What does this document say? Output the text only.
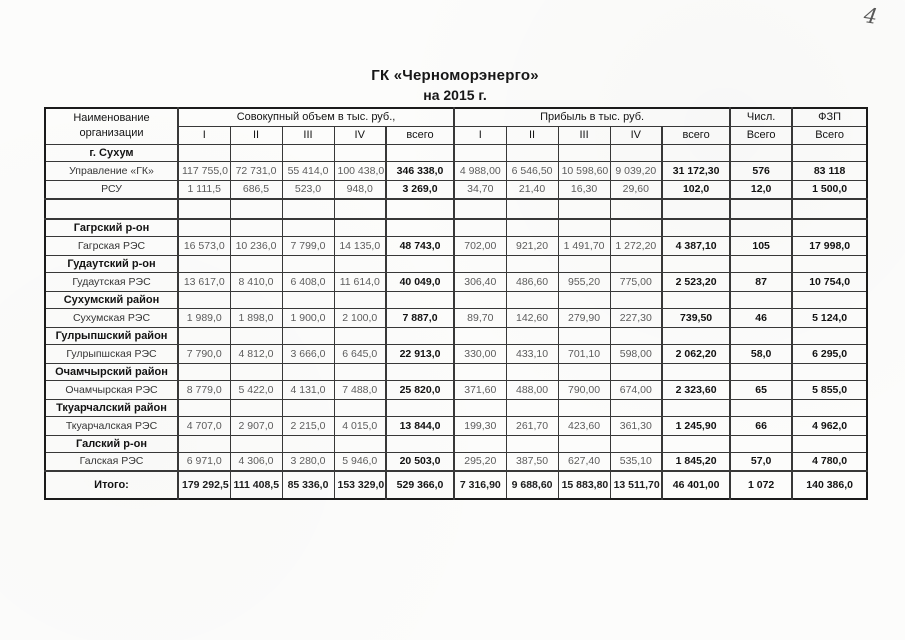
4
ГК «Черноморэнерго»
на 2015 г.
Наименование
организации	Совокупный объем в тыс. руб.,					Прибыль в тыс. руб.					Числ.	ФЗП
	I	II	III	IV	всего	I	II	III	IV	всего	Всего	Всего
г. Сухум												
Управление «ГК»	117 755,0	72 731,0	55 414,0	100 438,0	346 338,0	4 988,00	6 546,50	10 598,60	9 039,20	31 172,30	576	83 118
РСУ	1 111,5	686,5	523,0	948,0	3 269,0	34,70	21,40	16,30	29,60	102,0	12,0	1 500,0

Гагрский р-он												
Гагрская РЭС	16 573,0	10 236,0	7 799,0	14 135,0	48 743,0	702,00	921,20	1 491,70	1 272,20	4 387,10	105	17 998,0
Гудаутский р-он												
Гудаутская РЭС	13 617,0	8 410,0	6 408,0	11 614,0	40 049,0	306,40	486,60	955,20	775,00	2 523,20	87	10 754,0
Сухумский район												
Сухумская РЭС	1 989,0	1 898,0	1 900,0	2 100,0	7 887,0	89,70	142,60	279,90	227,30	739,50	46	5 124,0
Гулрыпшский район												
Гулрыпшская РЭС	7 790,0	4 812,0	3 666,0	6 645,0	22 913,0	330,00	433,10	701,10	598,00	2 062,20	58,0	6 295,0
Очамчырский район												
Очамчырская РЭС	8 779,0	5 422,0	4 131,0	7 488,0	25 820,0	371,60	488,00	790,00	674,00	2 323,60	65	5 855,0
Ткуарчалский район												
Ткуарчалская РЭС	4 707,0	2 907,0	2 215,0	4 015,0	13 844,0	199,30	261,70	423,60	361,30	1 245,90	66	4 962,0
Галский р-он												
Галская РЭС	6 971,0	4 306,0	3 280,0	5 946,0	20 503,0	295,20	387,50	627,40	535,10	1 845,20	57,0	4 780,0
Итого:	179 292,5	111 408,5	85 336,0	153 329,0	529 366,0	7 316,90	9 688,60	15 883,80	13 511,70	46 401,00	1 072	140 386,0
